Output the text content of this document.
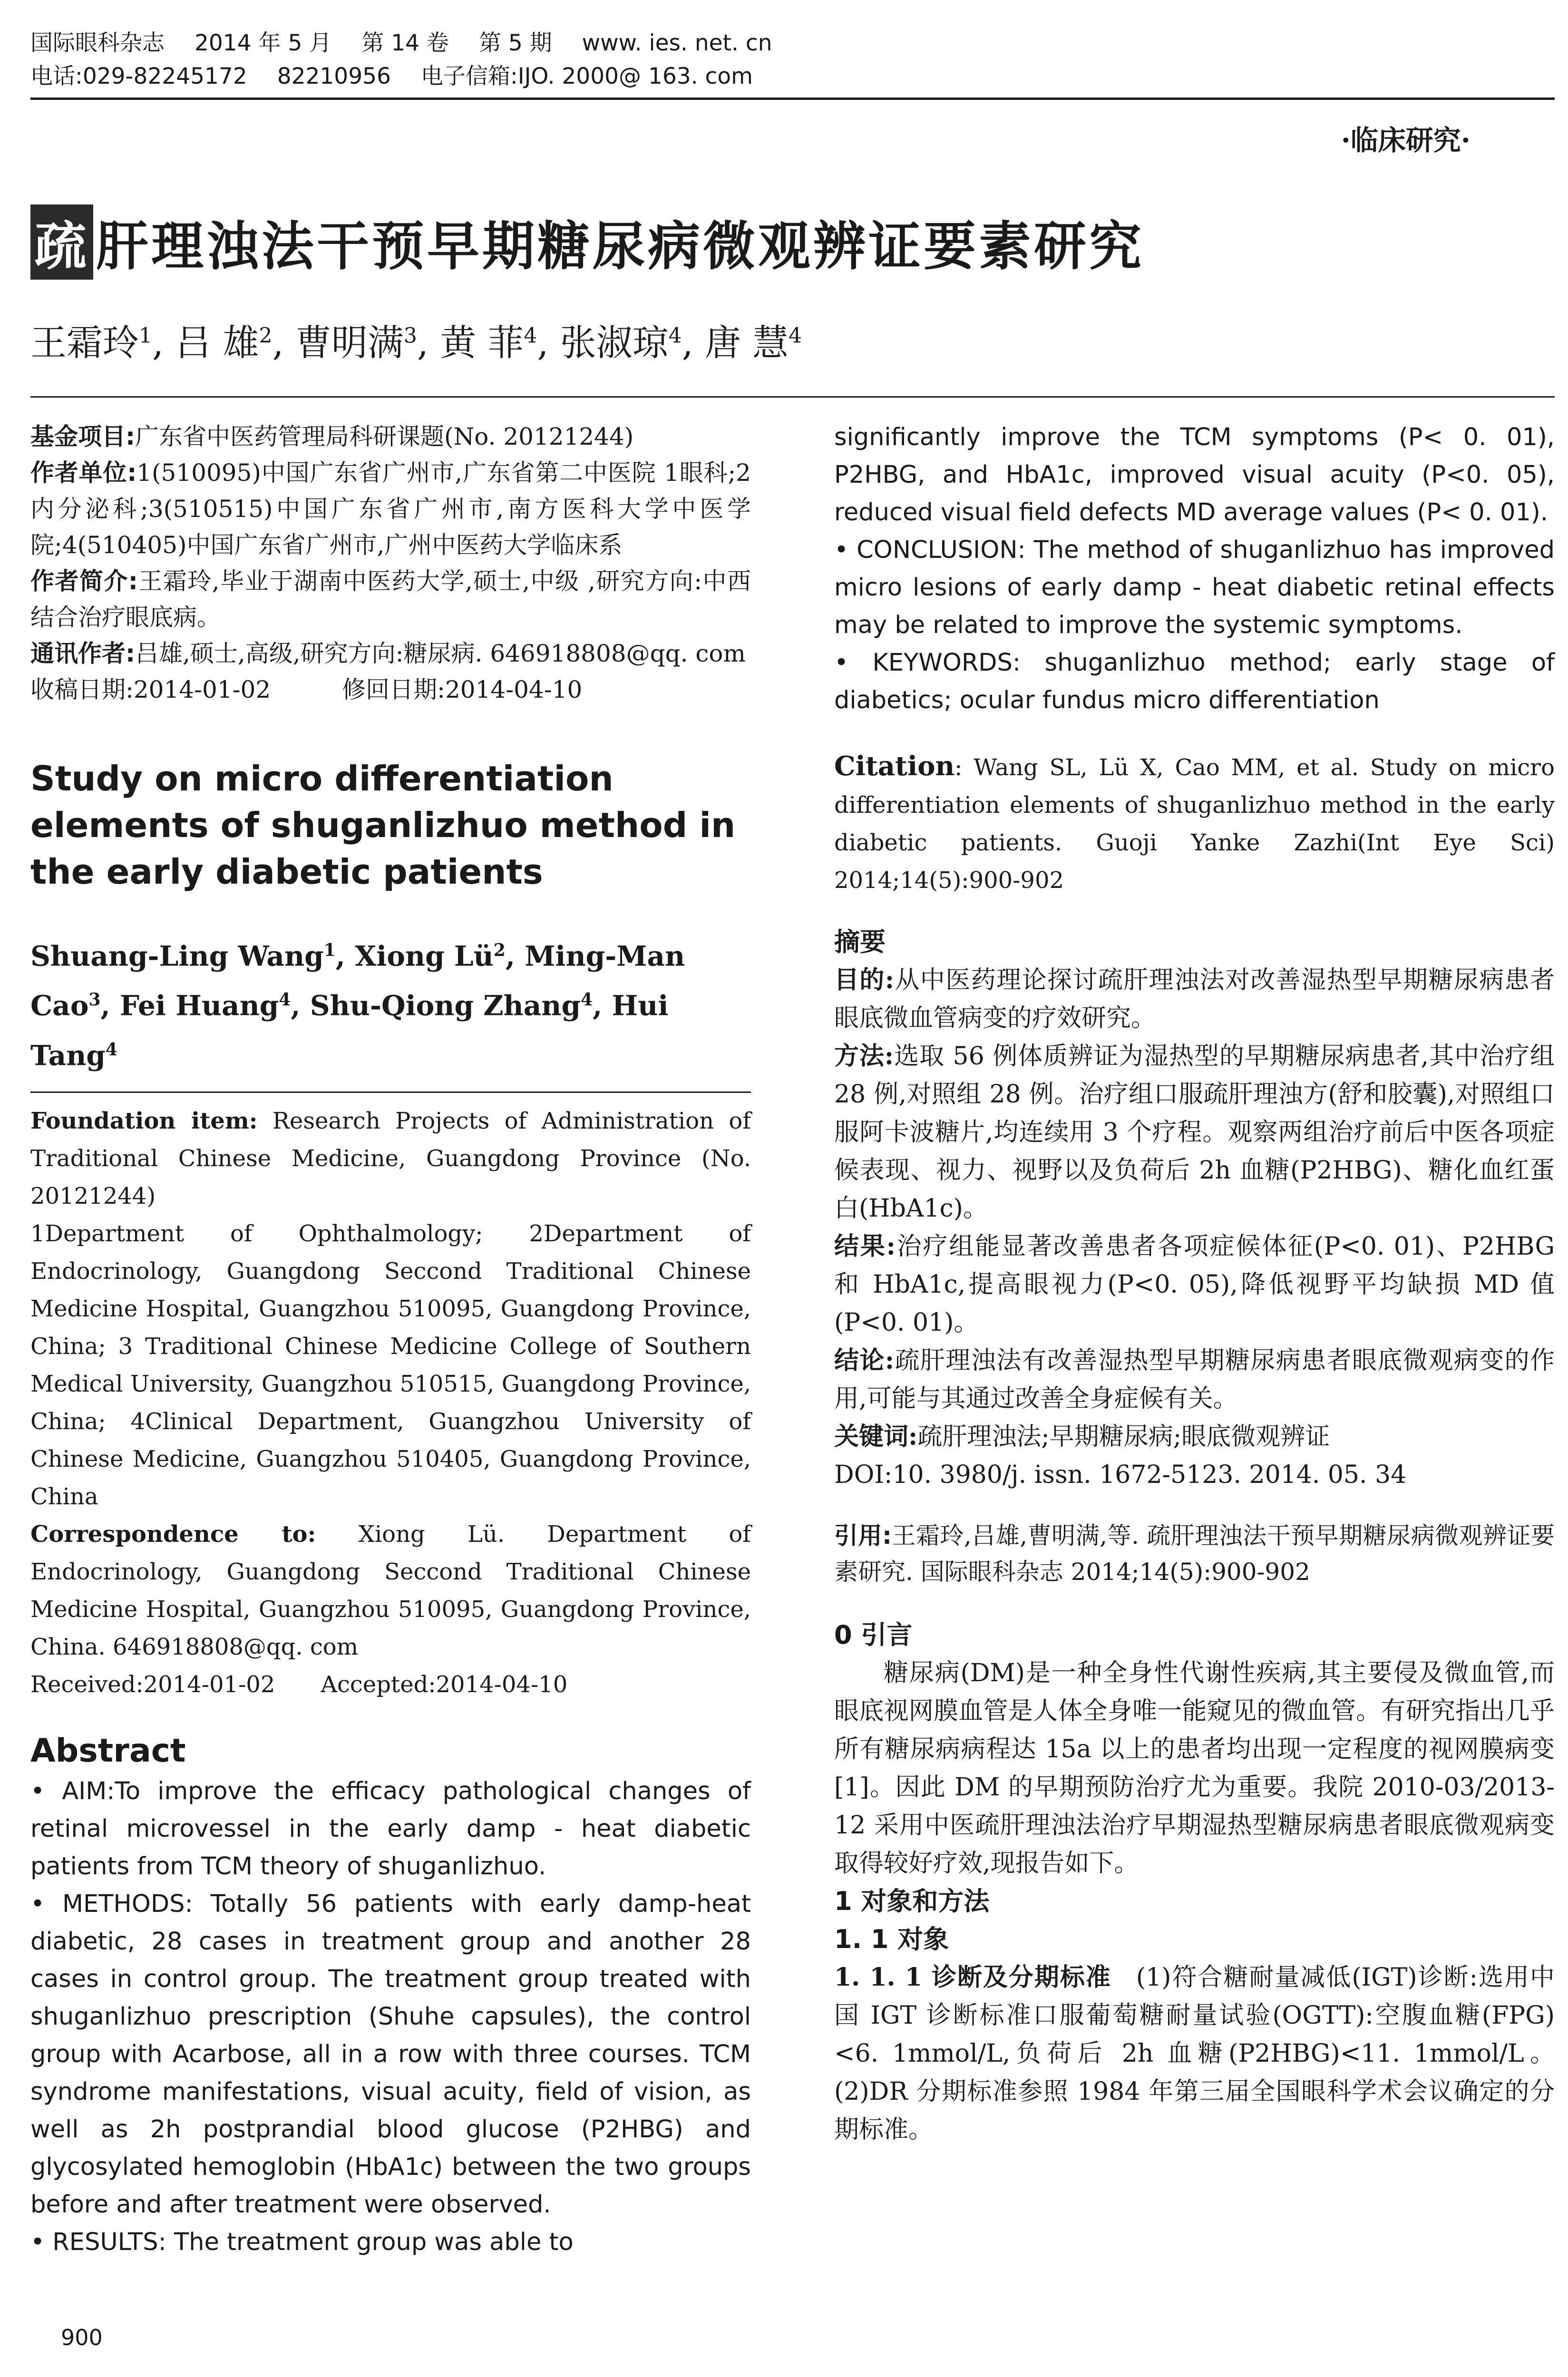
国际眼科杂志 2014 年 5 月 第 14 卷 第 5 期 www. ies. net. cn
电话:029-82245172 82210956 电子信箱:IJO. 2000@ 163. com
·临床研究·
疏 肝理浊法干预早期糖尿病微观辨证要素研究
王霜玲$^1$, 吕 雄$^2$, 曹明满$^3$, 黄 菲$^4$, 张淑琼$^4$, 唐 慧$^4$

基金项目:广东省中医药管理局科研课题(No. 20121244)

作者单位:1(510095)中国广东省广州市,广东省第二中医院 1眼科;2 内分泌科;3(510515)中国广东省广州市,南方医科大学中医学院;4(510405)中国广东省广州市,广州中医药大学临床系

作者简介:王霜玲,毕业于湖南中医药大学,硕士,中级 ,研究方向:中西结合治疗眼底病。

通讯作者:吕雄,硕士,高级,研究方向:糖尿病. 646918808@qq. com

收稿日期:2014-01-02   	修回日期:2014-04-10

Study on micro differentiation elements of shuganlizhuo method in the early diabetic patients

Shuang-Ling Wang$^1$, Xiong $Lü^2$, Ming-Man Cao$^3$, Fei Huang$^4$, Shu-Qiong Zhang$^4$, Hui Tang$^4$

Foundation item: Research Projects of Administration of Traditional Chinese Medicine, Guangdong Province (No. 20121244)

1Department of Ophthalmology; 2Department of Endocrinology, Guangdong Seccond Traditional Chinese Medicine Hospital, Guangzhou 510095, Guangdong Province, China; 3 Traditional Chinese Medicine College of Southern Medical University, Guangzhou 510515, Guangdong Province, China; 4Clinical Department, Guangzhou University of Chinese Medicine, Guangzhou 510405, Guangdong Province, China

Correspondence to: Xiong Lü. Department of Endocrinology, Guangdong Seccond Traditional Chinese Medicine Hospital, Guangzhou 510095, Guangdong Province, China. 646918808@qq. com

Received:2014-01-02   Accepted:2014-04-10

Abstract

• AIM:To improve the efficacy pathological changes of retinal microvessel in the early damp - heat diabetic patients from TCM theory of shuganlizhuo.

• METHODS: Totally 56 patients with early damp-heat diabetic, 28 cases in treatment group and another 28 cases in control group. The treatment group treated with shuganlizhuo prescription (Shuhe capsules), the control group with Acarbose, all in a row with three courses. TCM syndrome manifestations, visual acuity, field of vision, as well as 2h postprandial blood glucose (P2HBG) and glycosylated hemoglobin (HbA1c) between the two groups before and after treatment were observed.

• RESULTS: The treatment group was able to

significantly improve the TCM symptoms (P< 0. 01), P2HBG, and HbA1c, improved visual acuity (P<0. 05), reduced visual field defects MD average values (P< 0. 01).

• CONCLUSION: The method of shuganlizhuo has improved micro lesions of early damp - heat diabetic retinal effects may be related to improve the systemic symptoms.

• KEYWORDS: shuganlizhuo method; early stage of diabetics; ocular fundus micro differentiation

Citation: Wang SL, Lü X, Cao MM, et al. Study on micro differentiation elements of shuganlizhuo method in the early diabetic patients. Guoji Yanke Zazhi(Int Eye Sci) 2014;14(5):900-902

摘要

目的:从中医药理论探讨疏肝理浊法对改善湿热型早期糖尿病患者眼底微血管病变的疗效研究。

方法:选取 56 例体质辨证为湿热型的早期糖尿病患者,其中治疗组 28 例,对照组 28 例。治疗组口服疏肝理浊方(舒和胶囊),对照组口服阿卡波糖片,均连续用 3 个疗程。观察两组治疗前后中医各项症候表现、视力、视野以及负荷后 2h 血糖(P2HBG)、糖化血红蛋白(HbA1c)。

结果:治疗组能显著改善患者各项症候体征(P<0. 01)、P2HBG 和 HbA1c,提高眼视力(P<0. 05),降低视野平均缺损 MD 值(P<0. 01)。

结论:疏肝理浊法有改善湿热型早期糖尿病患者眼底微观病变的作用,可能与其通过改善全身症候有关。

关键词:疏肝理浊法;早期糖尿病;眼底微观辨证

DOI:10. 3980/j. issn. 1672-5123. 2014. 05. 34

引用:王霜玲,吕雄,曹明满,等. 疏肝理浊法干预早期糖尿病微观辨证要素研究. 国际眼科杂志 2014;14(5):900-902

0 引言

糖尿病(DM)是一种全身性代谢性疾病,其主要侵及微血管,而眼底视网膜血管是人体全身唯一能窥见的微血管。有研究指出几乎所有糖尿病病程达 15a 以上的患者均出现一定程度的视网膜病变[1]。因此 DM 的早期预防治疗尤为重要。我院 2010-03/2013-12 采用中医疏肝理浊法治疗早期湿热型糖尿病患者眼底微观病变取得较好疗效,现报告如下。

1 对象和方法

1. 1 对象

1. 1. 1 诊断及分期标准  (1)符合糖耐量减低(IGT)诊断:选用中国 IGT 诊断标准口服葡萄糖耐量试验(OGTT):空腹血糖(FPG)<6. 1mmol/L,负荷后 2h 血糖(P2HBG)<11. 1mmol/L。(2)DR 分期标准参照 1984 年第三届全国眼科学术会议确定的分期标准。

900
